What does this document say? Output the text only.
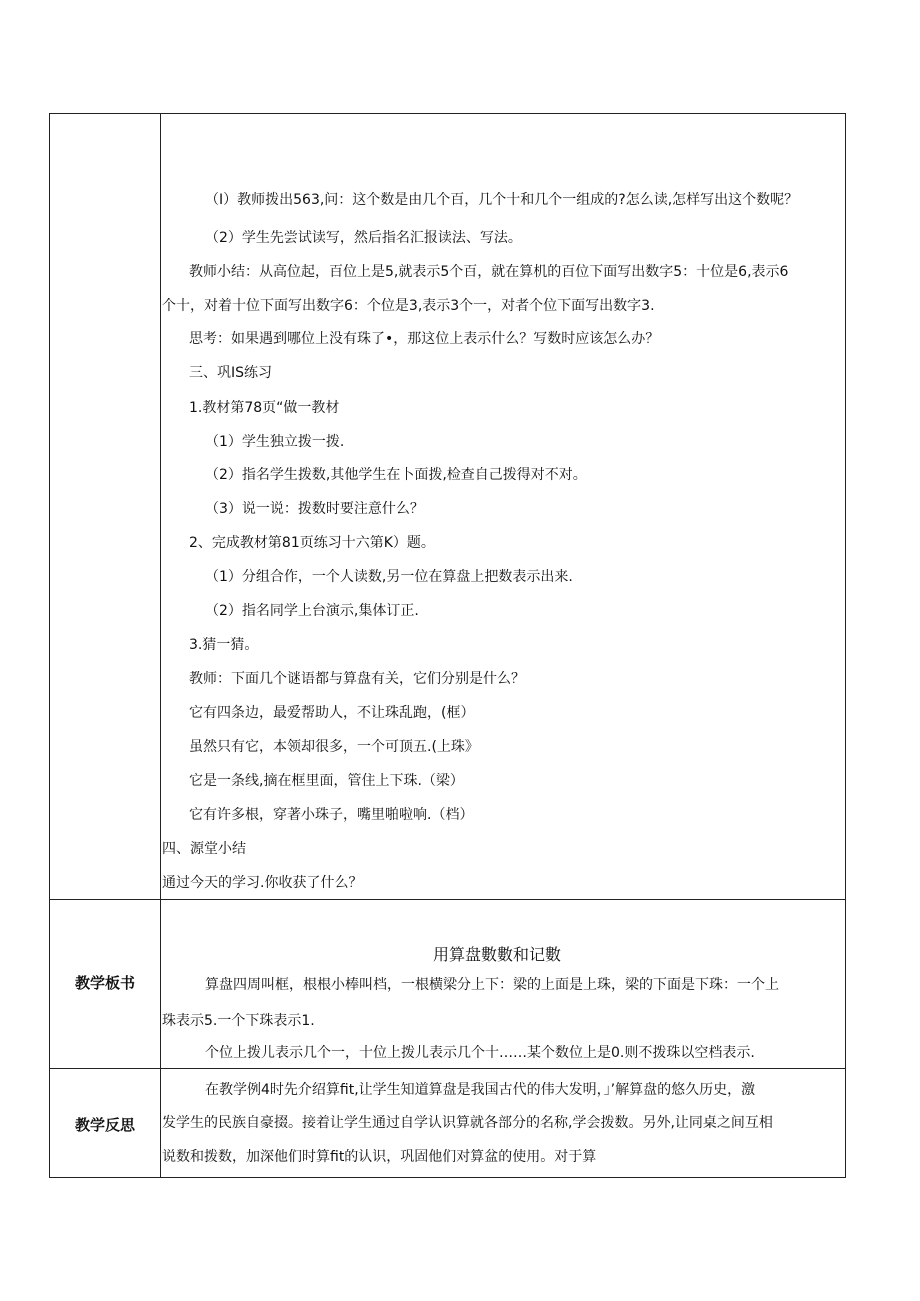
（I）教师拨出563,问：这个数是由几个百，几个十和几个一组成的?怎么读,怎样写出这个数呢？
（2）学生先尝试读写，然后指名汇报读法、写法。
教师小结：从高位起，百位上是5,就表示5个百，就在算机的百位下面写出数字5：十位是6,表示6
个十，对着十位下面写出数字6：个位是3,表示3个一，对者个位下面写出数字3.
思考：如果遇到哪位上没有珠了•，那这位上表示什么？写数时应该怎么办？
三、巩IS练习
1.教材第78页“做一教材
（1）学生独立拨一拨.
（2）指名学生拨数,其他学生在卜面拨,检查自己拨得对不对。
（3）说一说：拨数时要注意什么？
2、完成教材第81页练习十六第K）题。
（1）分组合作，一个人读数,另一位在算盘上把数表示出来.
（2）指名同学上台演示,集体订正.
3.猜一猜。
教师：下面几个谜语都与算盘有关，它们分别是什么？
它有四条边，最爱帮助人，不让珠乱跑，(框）
虽然只有它，本领却很多，一个可顶五.(上珠》
它是一条线,摘在框里面，管住上下珠.（梁）
它有许多根，穿著小珠子，嘴里啪啦响.（档）
四、源堂小结
通过今天的学习.你收获了什么？
教学板书
用算盘數數和记數
算盘四周叫框，根根小棒叫档，一根横梁分上下：梁的上面是上珠，梁的下面是下珠：一个上
珠表示5.一个下珠表示1.
个位上拨儿表示几个一，十位上拨儿表示几个十……某个数位上是0.则不拨珠以空档表示.
教学反思
在教学例4时先介绍算fit,让学生知道算盘是我国古代的伟大发明，」’解算盘的悠久历史，激
发学生的民族自豪掇。接着让学生通过自学认识算就各部分的名称,学会拨数。另外,让同桌之间互相
说数和拨数，加深他们时算fit的认识，巩固他们对算盆的使用。对于算
